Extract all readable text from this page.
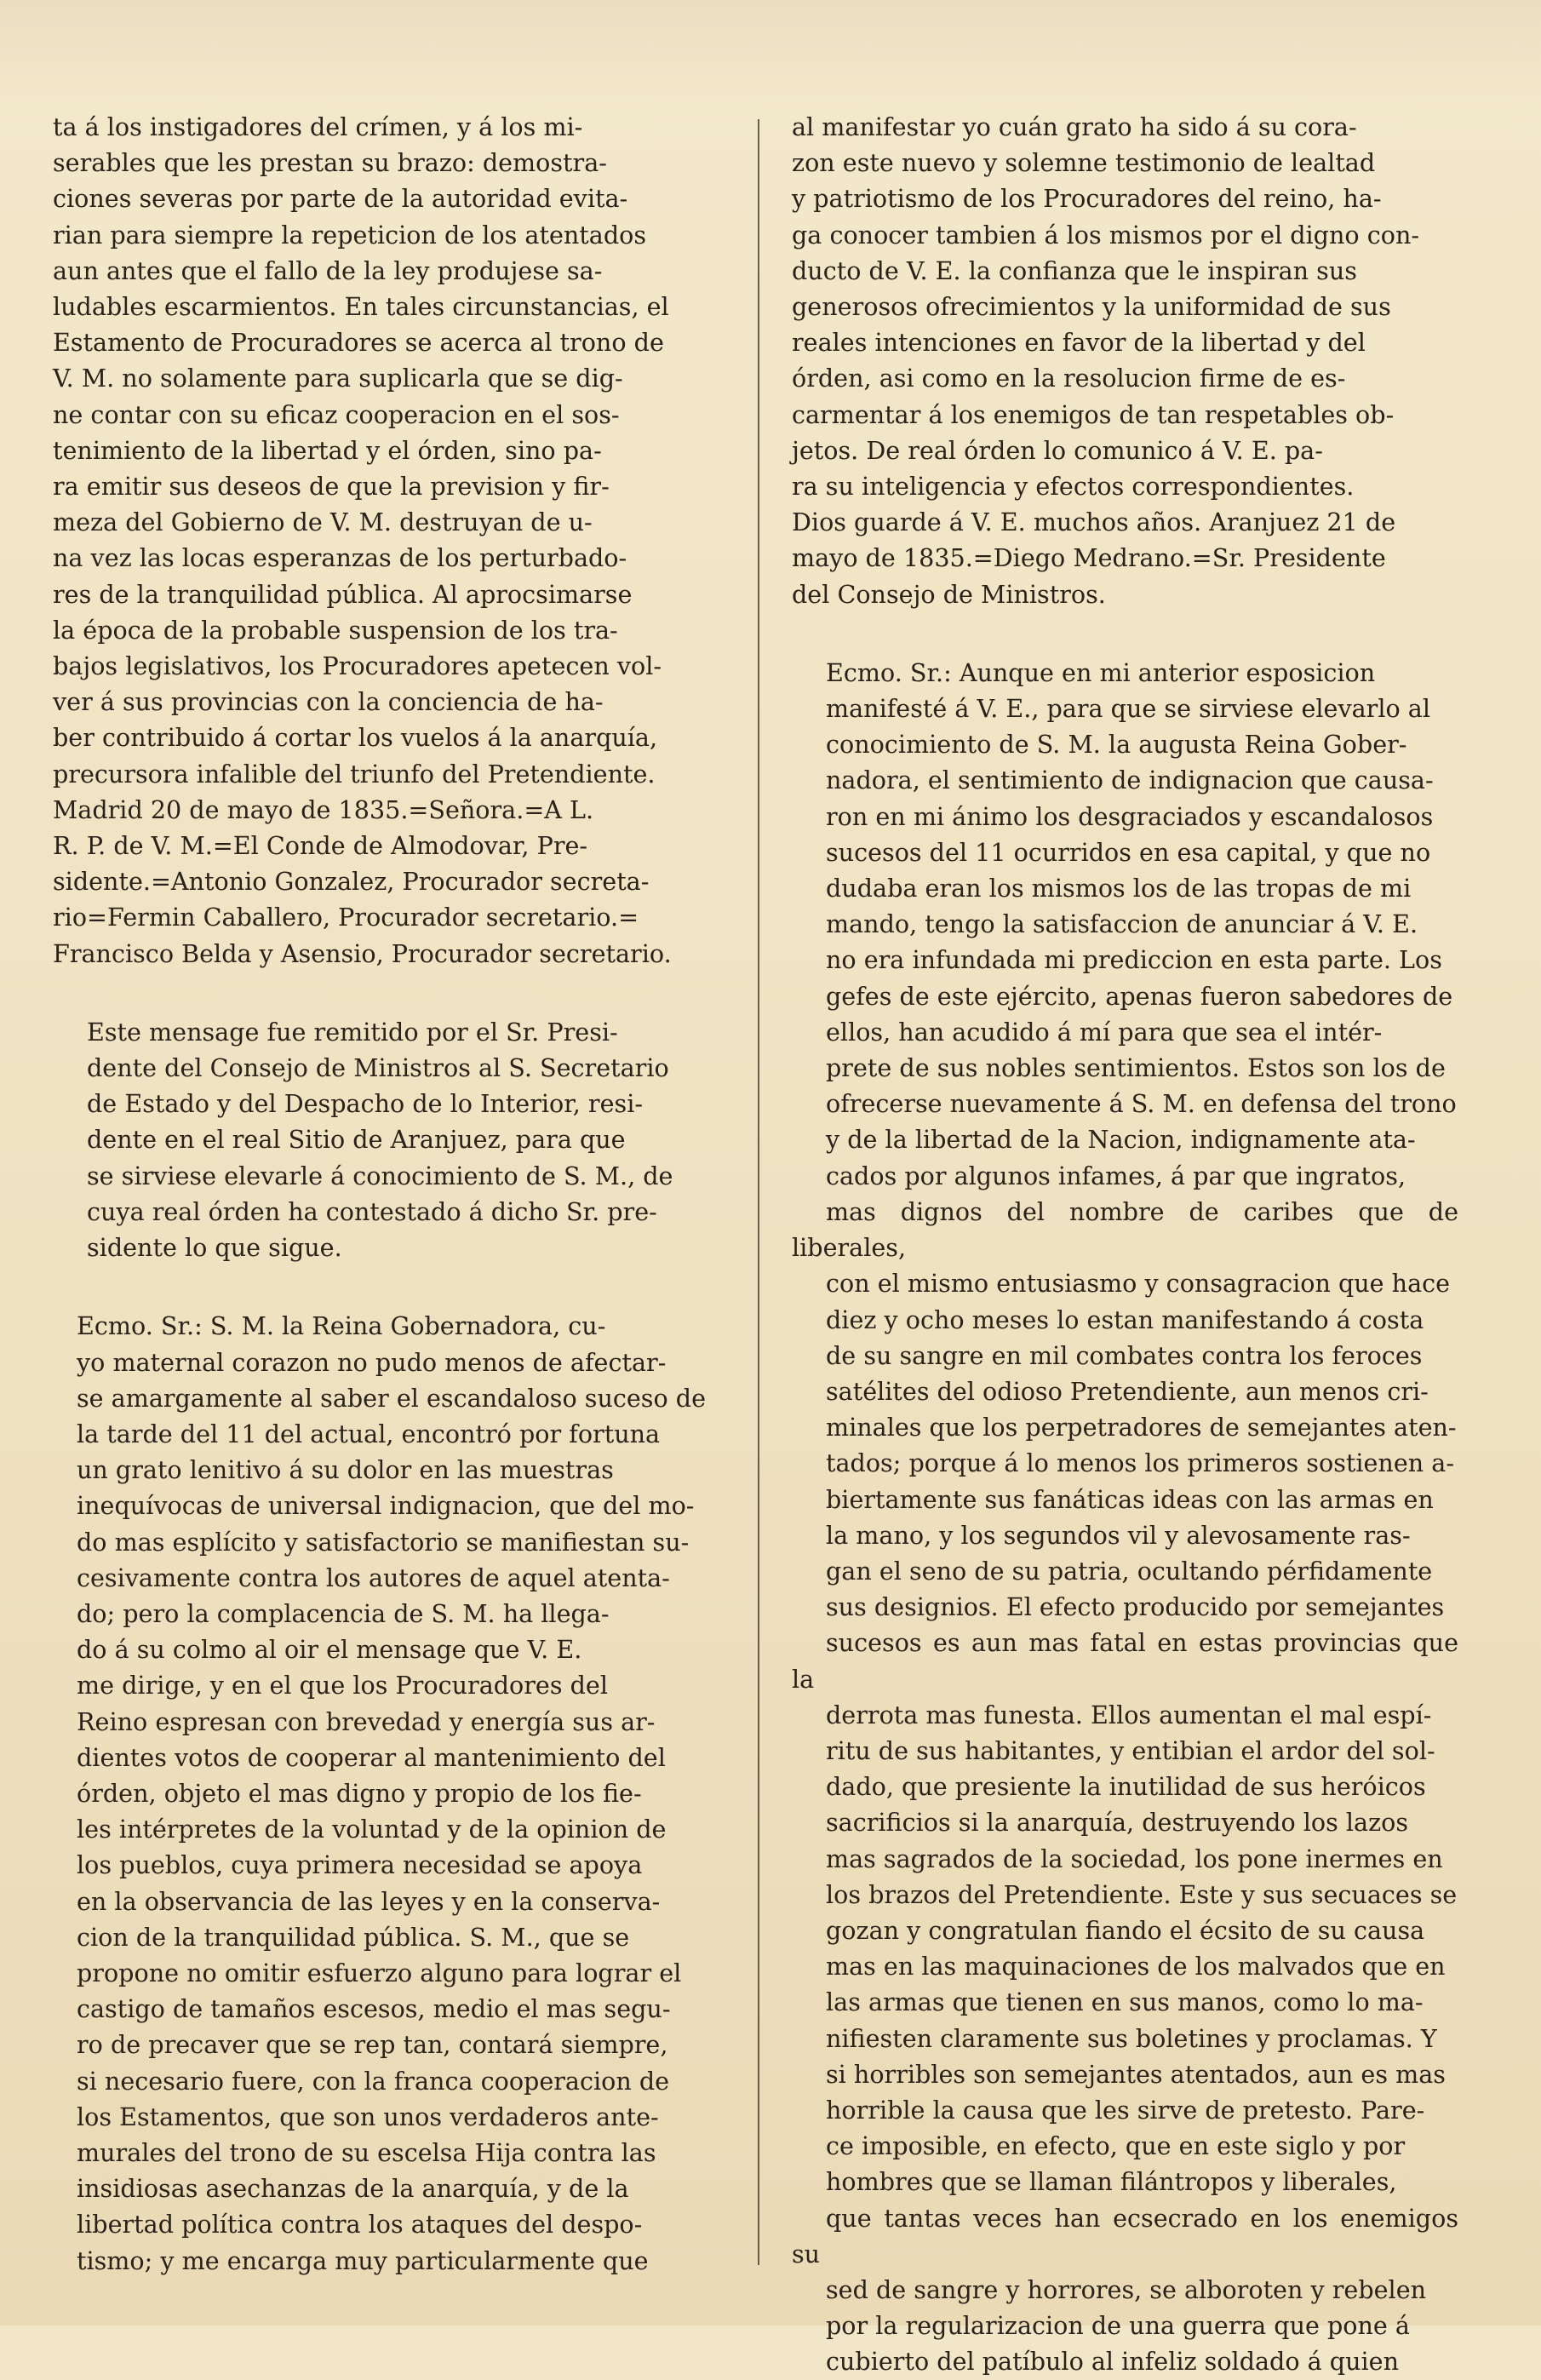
ta á los instigadores del crímen, y á los mi-

serables que les prestan su brazo: demostra-

ciones severas por parte de la autoridad evita-

rian para siempre la repeticion de los atentados

aun antes que el fallo de la ley produjese sa-

ludables escarmientos. En tales circunstancias, el

Estamento de Procuradores se acerca al trono de

V. M. no solamente para suplicarla que se dig-

ne contar con su eficaz cooperacion en el sos-

tenimiento de la libertad y el órden, sino pa-

ra emitir sus deseos de que la prevision y fir-

meza del Gobierno de V. M. destruyan de u-

na vez las locas esperanzas de los perturbado-

res de la tranquilidad pública. Al aprocsimarse

la época de la probable suspension de los tra-

bajos legislativos, los Procuradores apetecen vol-

ver á sus provincias con la conciencia de ha-

ber contribuido á cortar los vuelos á la anarquía,

precursora infalible del triunfo del Pretendiente.

Madrid 20 de mayo de 1835.=Señora.=A L.

R. P. de V. M.=El Conde de Almodovar, Pre-

sidente.=Antonio Gonzalez, Procurador secreta-

rio=Fermin Caballero, Procurador secretario.=

Francisco Belda y Asensio, Procurador secretario.

Este mensage fue remitido por el Sr. Presi-

dente del Consejo de Ministros al S. Secretario

de Estado y del Despacho de lo Interior, resi-

dente en el real Sitio de Aranjuez, para que

se sirviese elevarle á conocimiento de S. M., de

cuya real órden ha contestado á dicho Sr. pre-

sidente lo que sigue.

Ecmo. Sr.: S. M. la Reina Gobernadora, cu-

yo maternal corazon no pudo menos de afectar-

se amargamente al saber el escandaloso suceso de

la tarde del 11 del actual, encontró por fortuna

un grato lenitivo á su dolor en las muestras

inequívocas de universal indignacion, que del mo-

do mas esplícito y satisfactorio se manifiestan su-

cesivamente contra los autores de aquel atenta-

do; pero la complacencia de S. M. ha llega-

do á su colmo al oir el mensage que V. E.

me dirige, y en el que los Procuradores del

Reino espresan con brevedad y energía sus ar-

dientes votos de cooperar al mantenimiento del

órden, objeto el mas digno y propio de los fie-

les intérpretes de la voluntad y de la opinion de

los pueblos, cuya primera necesidad se apoya

en la observancia de las leyes y en la conserva-

cion de la tranquilidad pública. S. M., que se

propone no omitir esfuerzo alguno para lograr el

castigo de tamaños escesos, medio el mas segu-

ro de precaver que se rep tan, contará siempre,

si necesario fuere, con la franca cooperacion de

los Estamentos, que son unos verdaderos ante-

murales del trono de su escelsa Hija contra las

insidiosas asechanzas de la anarquía, y de la

libertad política contra los ataques del despo-

tismo; y me encarga muy particularmente que

al manifestar yo cuán grato ha sido á su cora-

zon este nuevo y solemne testimonio de lealtad

y patriotismo de los Procuradores del reino, ha-

ga conocer tambien á los mismos por el digno con-

ducto de V. E. la confianza que le inspiran sus

generosos ofrecimientos y la uniformidad de sus

reales intenciones en favor de la libertad y del

órden, asi como en la resolucion firme de es-

carmentar á los enemigos de tan respetables ob-

jetos. De real órden lo comunico á V. E. pa-

ra su inteligencia y efectos correspondientes.

Dios guarde á V. E. muchos años. Aranjuez 21 de

mayo de 1835.=Diego Medrano.=Sr. Presidente

del Consejo de Ministros.

Ecmo. Sr.: Aunque en mi anterior esposicion

manifesté á V. E., para que se sirviese elevarlo al

conocimiento de S. M. la augusta Reina Gober-

nadora, el sentimiento de indignacion que causa-

ron en mi ánimo los desgraciados y escandalosos

sucesos del 11 ocurridos en esa capital, y que no

dudaba eran los mismos los de las tropas de mi

mando, tengo la satisfaccion de anunciar á V. E.

no era infundada mi prediccion en esta parte. Los

gefes de este ejército, apenas fueron sabedores de

ellos, han acudido á mí para que sea el intér-

prete de sus nobles sentimientos. Estos son los de

ofrecerse nuevamente á S. M. en defensa del trono

y de la libertad de la Nacion, indignamente ata-

cados por algunos infames, á par que ingratos,

mas dignos del nombre de caribes que de liberales,

con el mismo entusiasmo y consagracion que hace

diez y ocho meses lo estan manifestando á costa

de su sangre en mil combates contra los feroces

satélites del odioso Pretendiente, aun menos cri-

minales que los perpetradores de semejantes aten-

tados; porque á lo menos los primeros sostienen a-

biertamente sus fanáticas ideas con las armas en

la mano, y los segundos vil y alevosamente ras-

gan el seno de su patria, ocultando pérfidamente

sus designios. El efecto producido por semejantes

sucesos es aun mas fatal en estas provincias que la

derrota mas funesta. Ellos aumentan el mal espí-

ritu de sus habitantes, y entibian el ardor del sol-

dado, que presiente la inutilidad de sus heróicos

sacrificios si la anarquía, destruyendo los lazos

mas sagrados de la sociedad, los pone inermes en

los brazos del Pretendiente. Este y sus secuaces se

gozan y congratulan fiando el écsito de su causa

mas en las maquinaciones de los malvados que en

las armas que tienen en sus manos, como lo ma-

nifiesten claramente sus boletines y proclamas. Y

si horribles son semejantes atentados, aun es mas

horrible la causa que les sirve de pretesto. Pare-

ce imposible, en efecto, que en este siglo y por

hombres que se llaman filántropos y liberales,

que tantas veces han ecsecrado en los enemigos su

sed de sangre y horrores, se alboroten y rebelen

por la regularizacion de una guerra que pone á

cubierto del patíbulo al infeliz soldado á quien
